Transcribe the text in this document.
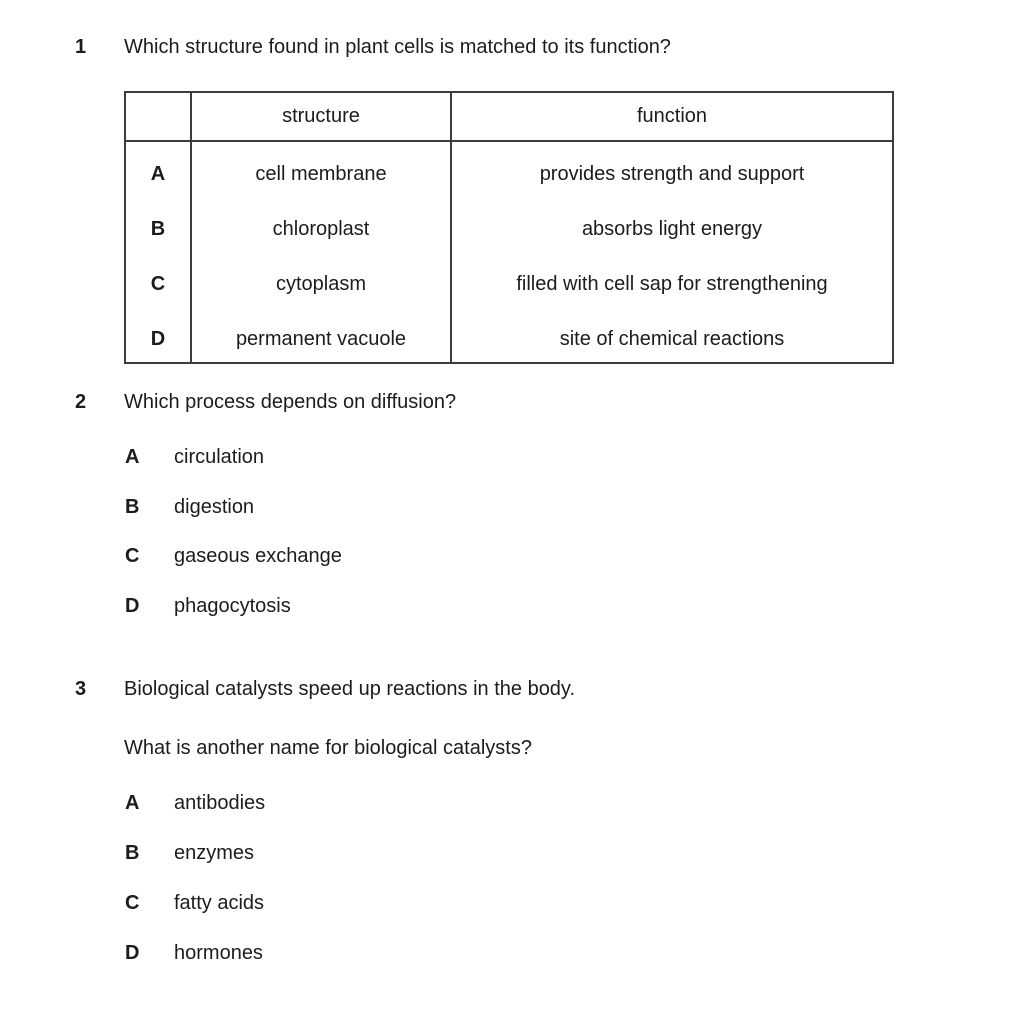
1	Which structure found in plant cells is matched to its function?
	structure	function
A	cell membrane	provides strength and support
B	chloroplast	absorbs light energy
C	cytoplasm	filled with cell sap for strengthening
D	permanent vacuole	site of chemical reactions
2	Which process depends on diffusion?
A	circulation
B	digestion
C	gaseous exchange
D	phagocytosis
3	Biological catalysts speed up reactions in the body.
What is another name for biological catalysts?
A	antibodies
B	enzymes
C	fatty acids
D	hormones
